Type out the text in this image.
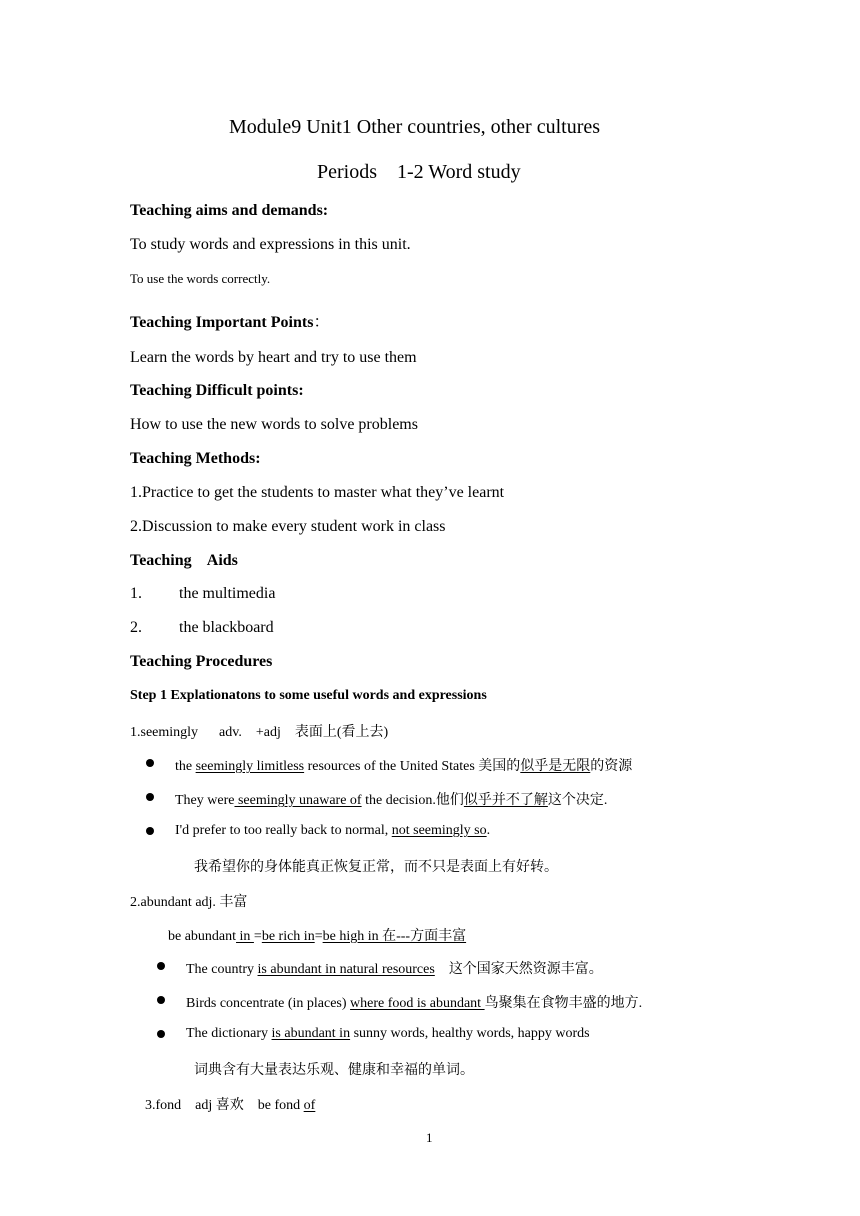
Module9 Unit1 Other countries, other cultures
Periods    1-2 Word study
Teaching aims and demands:
To study words and expressions in this unit.
To use the words correctly.
Teaching Important Points：
Learn the words by heart and try to use them
Teaching Difficult points:
How to use the new words to solve problems
Teaching Methods:
1.Practice to get the students to master what they’ve learnt
2.Discussion to make every student work in class
Teaching    Aids
1. the multimedia
2. the blackboard
Teaching Procedures
Step 1 Explationatons to some useful words and expressions
1.seemingly      adv.    +adj    表面上(看上去)
the seemingly limitless resources of the United States 美国的似乎是无限的资源
They were seemingly unaware of the decision.他们似乎并不了解这个决定.
I'd prefer to too really back to normal, not seemingly so.
我希望你的身体能真正恢复正常，而不只是表面上有好转。
2.abundant adj. 丰富
be abundant in =be rich in=be high in 在---方面丰富
The country is abundant in natural resources    这个国家天然资源丰富。
Birds concentrate (in places) where food is abundant 鸟聚集在食物丰盛的地方.
The dictionary is abundant in sunny words, healthy words, happy words
词典含有大量表达乐观、健康和幸福的单词。
3.fond    adj 喜欢    be fond of
1
